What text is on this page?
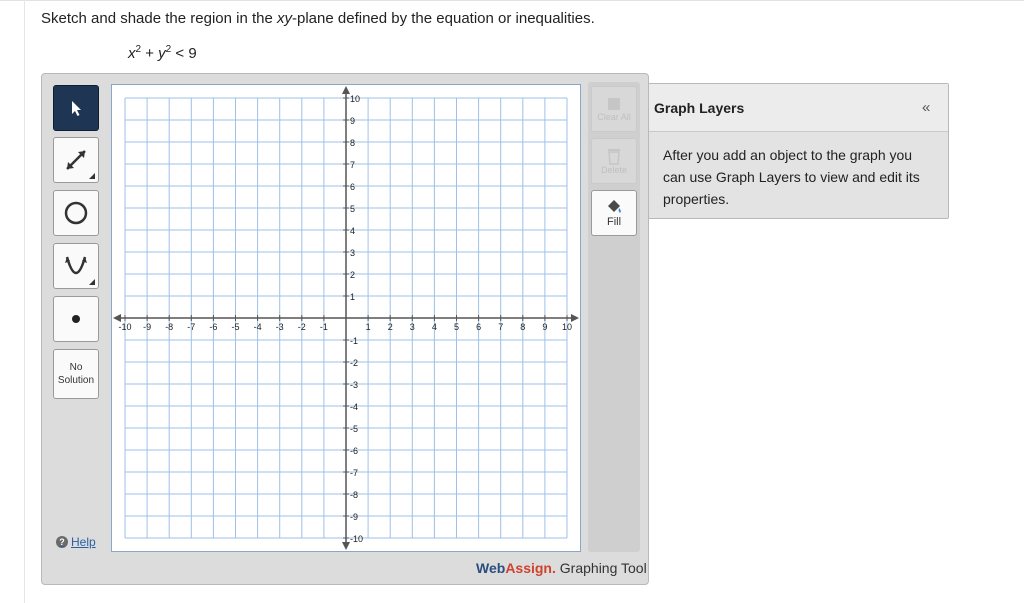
Sketch and shade the region in the xy-plane defined by the equation or inequalities.
$x^2 + y^2 < 9$
No
Solution
? Help
-10 -9 -8 -7 -6 -5 -4 -3 -2 -1	1 2 3 4 5 6 7 8 9 10
10
9
8
7
6
5
4
3
2
1
-1
-2
-3
-4
-5
-6
-7
-8
-9
-10
Clear All
Delete
Fill
WebAssign. Graphing Tool
Graph Layers	«
After you add an object to the graph you can use Graph Layers to view and edit its properties.
